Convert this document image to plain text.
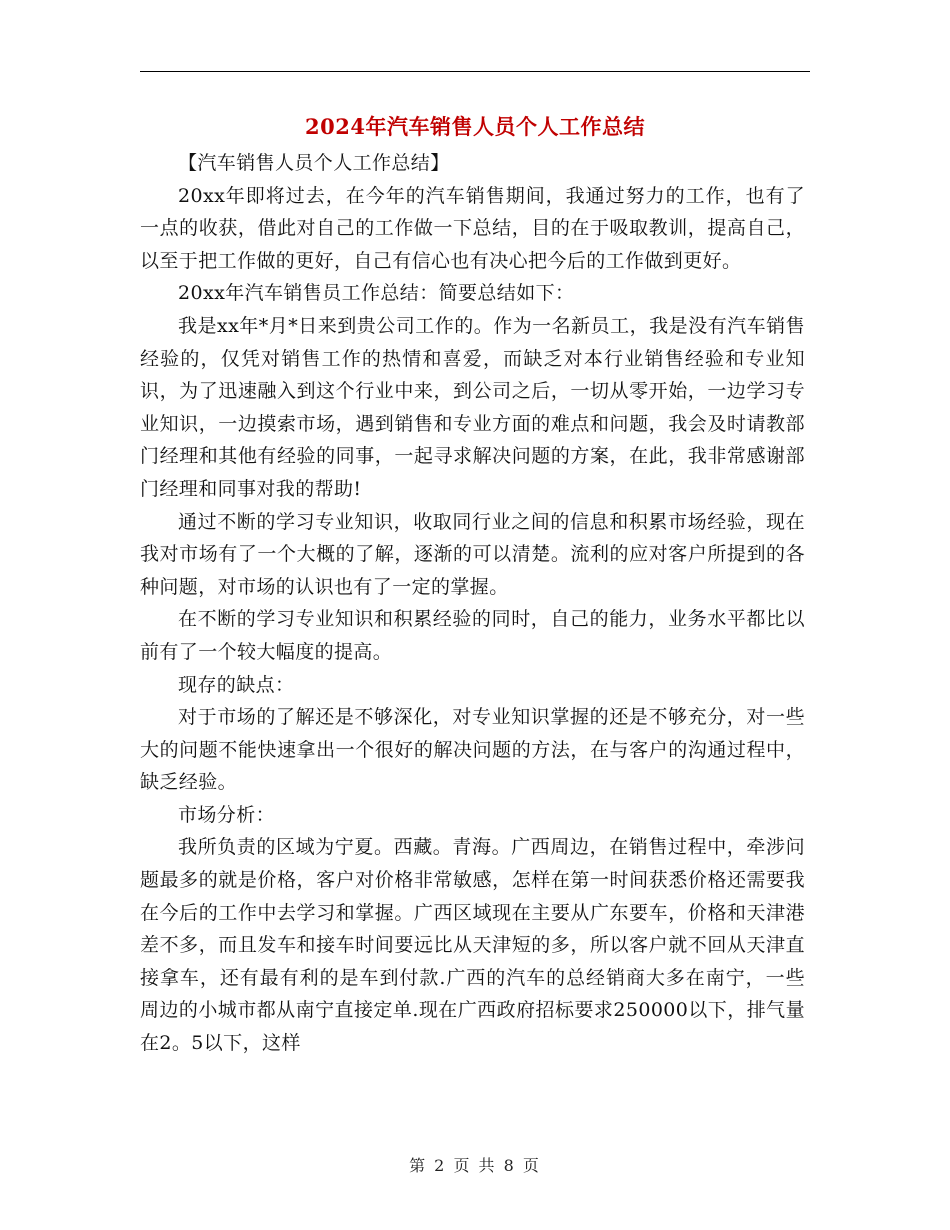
2024年汽车销售人员个人工作总结

【汽车销售人员个人工作总结】

20xx年即将过去，在今年的汽车销售期间，我通过努力的工作，也有了一点的收获，借此对自己的工作做一下总结，目的在于吸取教训，提高自己，以至于把工作做的更好，自己有信心也有决心把今后的工作做到更好。

20xx年汽车销售员工作总结：简要总结如下：

我是xx年*月*日来到贵公司工作的。作为一名新员工，我是没有汽车销售经验的，仅凭对销售工作的热情和喜爱，而缺乏对本行业销售经验和专业知识，为了迅速融入到这个行业中来，到公司之后，一切从零开始，一边学习专业知识，一边摸索市场，遇到销售和专业方面的难点和问题，我会及时请教部门经理和其他有经验的同事，一起寻求解决问题的方案，在此，我非常感谢部门经理和同事对我的帮助!

通过不断的学习专业知识，收取同行业之间的信息和积累市场经验，现在我对市场有了一个大概的了解，逐渐的可以清楚。流利的应对客户所提到的各种问题，对市场的认识也有了一定的掌握。

在不断的学习专业知识和积累经验的同时，自己的能力，业务水平都比以前有了一个较大幅度的提高。

现存的缺点：

对于市场的了解还是不够深化，对专业知识掌握的还是不够充分，对一些大的问题不能快速拿出一个很好的解决问题的方法，在与客户的沟通过程中，缺乏经验。

市场分析：

我所负责的区域为宁夏。西藏。青海。广西周边，在销售过程中，牵涉问题最多的就是价格，客户对价格非常敏感，怎样在第一时间获悉价格还需要我在今后的工作中去学习和掌握。广西区域现在主要从广东要车，价格和天津港差不多，而且发车和接车时间要远比从天津短的多，所以客户就不回从天津直接拿车，还有最有利的是车到付款.广西的汽车的总经销商大多在南宁，一些周边的小城市都从南宁直接定单.现在广西政府招标要求250000以下，排气量在2。5以下，这样

第 2 页 共 8 页
